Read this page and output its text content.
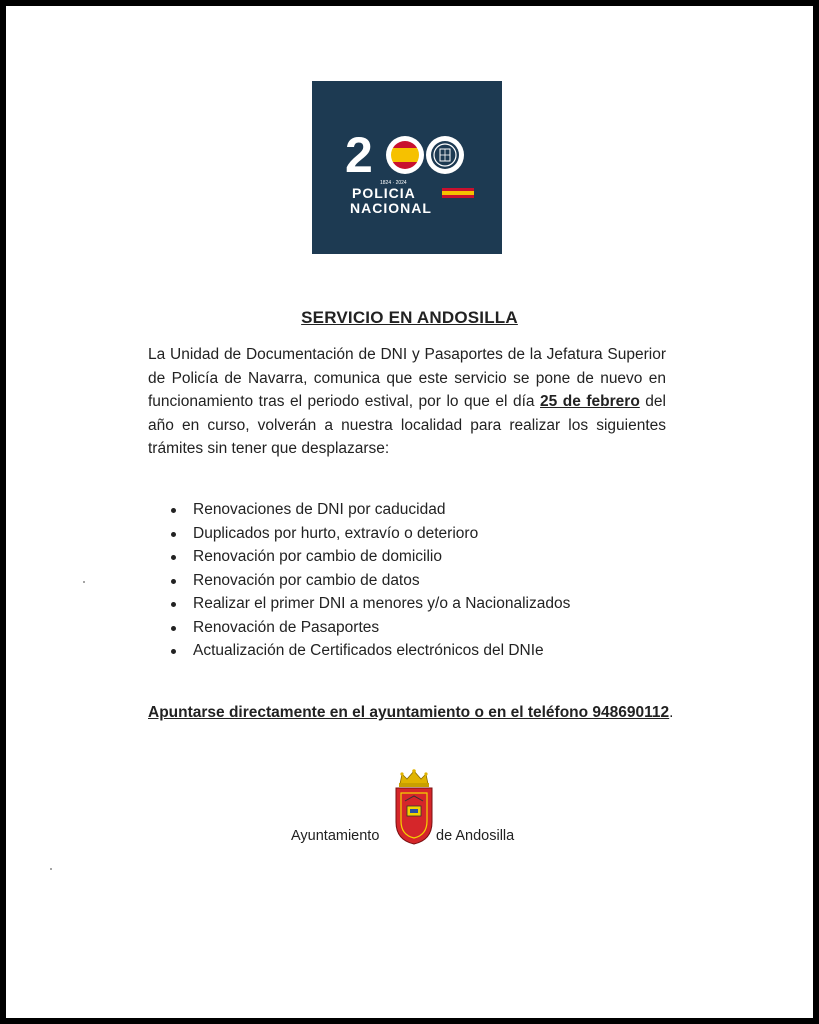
2 1824 · 2024
POLICIA
NACIONAL
SERVICIO EN ANDOSILLA
La Unidad de Documentación de DNI y Pasaportes de la Jefatura Superior de Policía de Navarra, comunica que este servicio se pone de nuevo en funcionamiento tras el periodo estival, por lo que el día 25 de febrero del año en curso, volverán a nuestra localidad para realizar los siguientes trámites sin tener que desplazarse:
Renovaciones de DNI por caducidad
Duplicados por hurto, extravío o deterioro
Renovación por cambio de domicilio
Renovación por cambio de datos
Realizar el primer DNI a menores y/o a Nacionalizados
Renovación de Pasaportes
Actualización de Certificados electrónicos del DNIe
Apuntarse directamente en el ayuntamiento o en el teléfono 948690112.
Ayuntamiento	de Andosilla
